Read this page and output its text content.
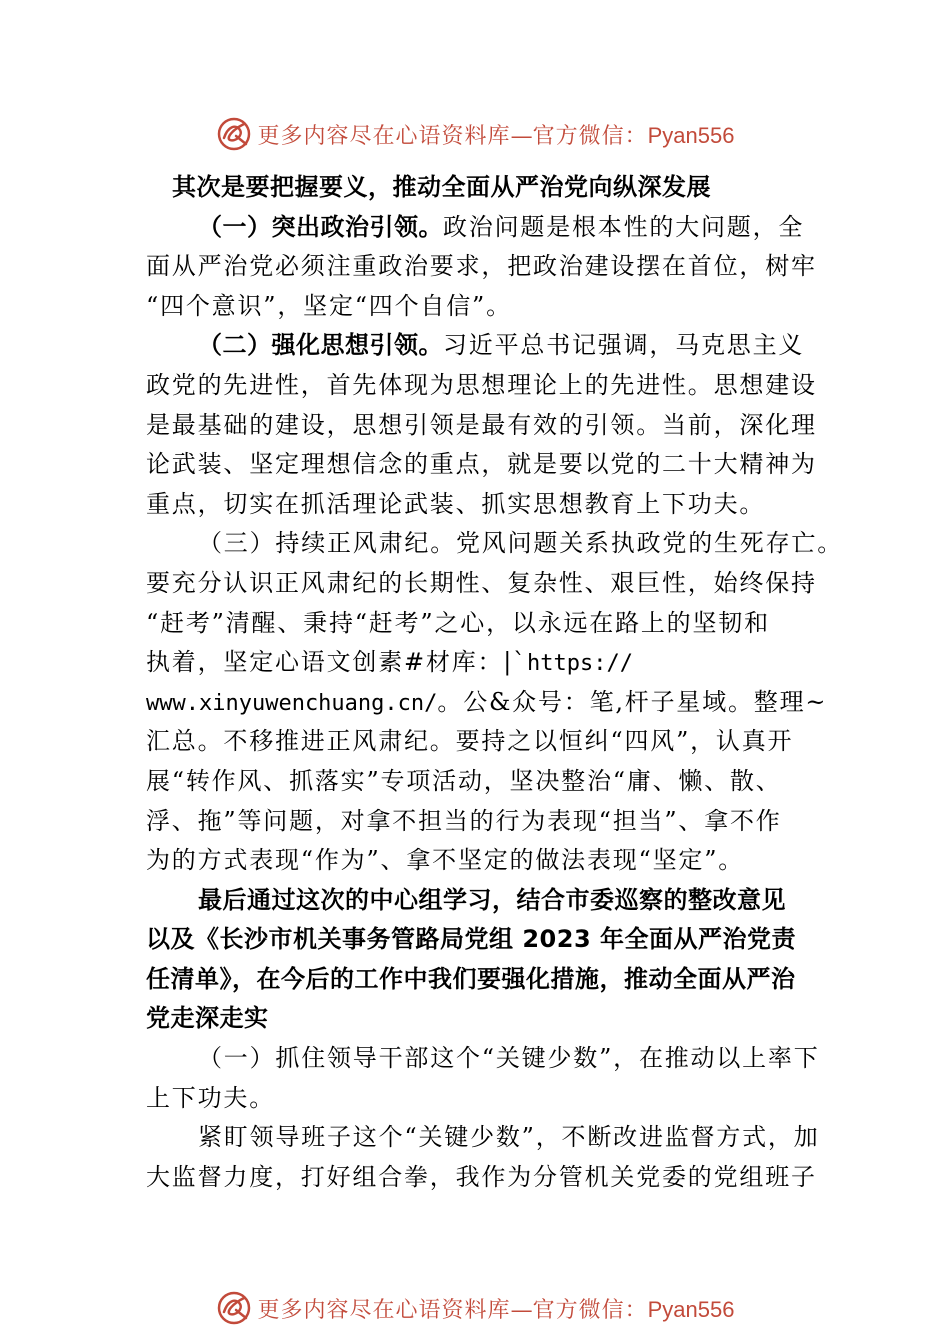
更多内容尽在心语资料库—官方微信：Pyan556
其次是要把握要义，推动全面从严治党向纵深发展
（一）突出政治引领。政治问题是根本性的大问题，全
面从严治党必须注重政治要求，把政治建设摆在首位，树牢
“四个意识”，坚定“四个自信”。
（二）强化思想引领。习近平总书记强调，马克思主义
政党的先进性，首先体现为思想理论上的先进性。思想建设
是最基础的建设，思想引领是最有效的引领。当前，深化理
论武装、坚定理想信念的重点，就是要以党的二十大精神为
重点，切实在抓活理论武装、抓实思想教育上下功夫。
（三）持续正风肃纪。党风问题关系执政党的生死存亡。
要充分认识正风肃纪的长期性、复杂性、艰巨性，始终保持
“赶考”清醒、秉持“赶考”之心，以永远在路上的坚韧和
执着，坚定心语文创素#材库：|`https://
www.xinyuwenchuang.cn/。公&众号：笔,杆子星域。整理~
汇总。不移推进正风肃纪。要持之以恒纠“四风”，认真开
展“转作风、抓落实”专项活动，坚决整治“庸、懒、散、
浮、拖”等问题，对拿不担当的行为表现“担当”、拿不作
为的方式表现“作为”、拿不坚定的做法表现“坚定”。
最后通过这次的中心组学习，结合市委巡察的整改意见
以及《长沙市机关事务管路局党组 2023 年全面从严治党责
任清单》，在今后的工作中我们要强化措施，推动全面从严治
党走深走实
（一）抓住领导干部这个“关键少数”，在推动以上率下
上下功夫。
紧盯领导班子这个“关键少数”，不断改进监督方式，加
大监督力度，打好组合拳，我作为分管机关党委的党组班子
更多内容尽在心语资料库—官方微信：Pyan556
